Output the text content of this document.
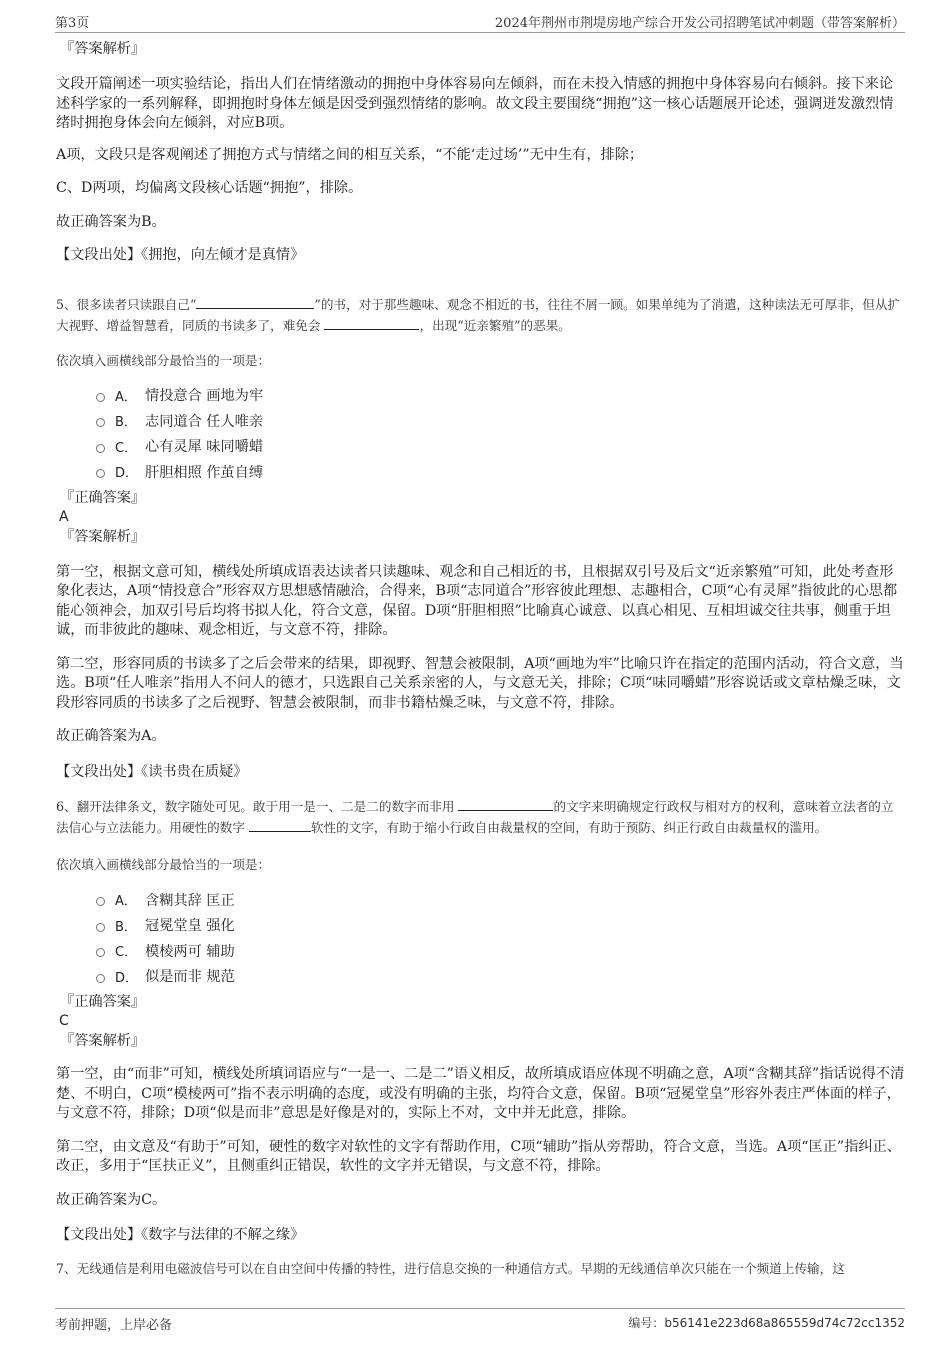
第3页	2024年荆州市荆堤房地产综合开发公司招聘笔试冲刺题（带答案解析）
『答案解析』

文段开篇阐述一项实验结论，指出人们在情绪激动的拥抱中身体容易向左倾斜，而在未投入情感的拥抱中身体容易向右倾斜。接下来论述科学家的一系列解释，即拥抱时身体左倾是因受到强烈情绪的影响。故文段主要围绕“拥抱”这一核心话题展开论述，强调迸发激烈情绪时拥抱身体会向左倾斜，对应B项。

A项，文段只是客观阐述了拥抱方式与情绪之间的相互关系，“不能‘走过场’”无中生有，排除；

C、D两项，均偏离文段核心话题“拥抱”，排除。

故正确答案为B。

【文段出处】《拥抱，向左倾才是真情》

5、很多读者只读跟自己“	”的书，对于那些趣味、观念不相近的书，往往不屑一顾。如果单纯为了消遣，这种读法无可厚非，但从扩大视野、增益智慧看，同质的书读多了，难免会	，出现“近亲繁殖”的恶果。
依次填入画横线部分最恰当的一项是：
A． 情投意合 画地为牢
B． 志同道合 任人唯亲
C． 心有灵犀 味同嚼蜡
D． 肝胆相照 作茧自缚
『正确答案』
A
『答案解析』

第一空，根据文意可知，横线处所填成语表达读者只读趣味、观念和自己相近的书，且根据双引号及后文“近亲繁殖”可知，此处考查形象化表达，A项“情投意合”形容双方思想感情融洽，合得来，B项“志同道合”形容彼此理想、志趣相合，C项“心有灵犀”指彼此的心思都能心领神会，加双引号后均将书拟人化，符合文意，保留。D项“肝胆相照”比喻真心诚意、以真心相见、互相坦诚交往共事，侧重于坦诚，而非彼此的趣味、观念相近，与文意不符，排除。

第二空，形容同质的书读多了之后会带来的结果，即视野、智慧会被限制，A项“画地为牢”比喻只许在指定的范围内活动，符合文意，当选。B项“任人唯亲”指用人不问人的德才，只选跟自己关系亲密的人，与文意无关，排除；C项“味同嚼蜡”形容说话或文章枯燥乏味，文段形容同质的书读多了之后视野、智慧会被限制，而非书籍枯燥乏味，与文意不符，排除。

故正确答案为A。

【文段出处】《读书贵在质疑》

6、翻开法律条文，数字随处可见。敢于用一是一、二是二的数字而非用	的文字来明确规定行政权与相对方的权利，意味着立法者的立法信心与立法能力。用硬性的数字	软性的文字，有助于缩小行政自由裁量权的空间，有助于预防、纠正行政自由裁量权的滥用。
依次填入画横线部分最恰当的一项是：
A． 含糊其辞 匡正
B． 冠冕堂皇 强化
C． 模棱两可 辅助
D． 似是而非 规范
『正确答案』
C
『答案解析』

第一空，由“而非”可知，横线处所填词语应与“一是一、二是二”语义相反，故所填成语应体现不明确之意，A项“含糊其辞”指话说得不清楚、不明白，C项“模棱两可”指不表示明确的态度，或没有明确的主张，均符合文意，保留。B项“冠冕堂皇”形容外表庄严体面的样子，与文意不符，排除；D项“似是而非”意思是好像是对的，实际上不对，文中并无此意，排除。

第二空，由文意及“有助于”可知，硬性的数字对软性的文字有帮助作用，C项“辅助”指从旁帮助，符合文意，当选。A项“匡正”指纠正、改正，多用于“匡扶正义”，且侧重纠正错误，软性的文字并无错误，与文意不符，排除。

故正确答案为C。

【文段出处】《数字与法律的不解之缘》

7、无线通信是利用电磁波信号可以在自由空间中传播的特性，进行信息交换的一种通信方式。早期的无线通信单次只能在一个频道上传输，这
考前押题，上岸必备	编号：b56141e223d68a865559d74c72cc1352
